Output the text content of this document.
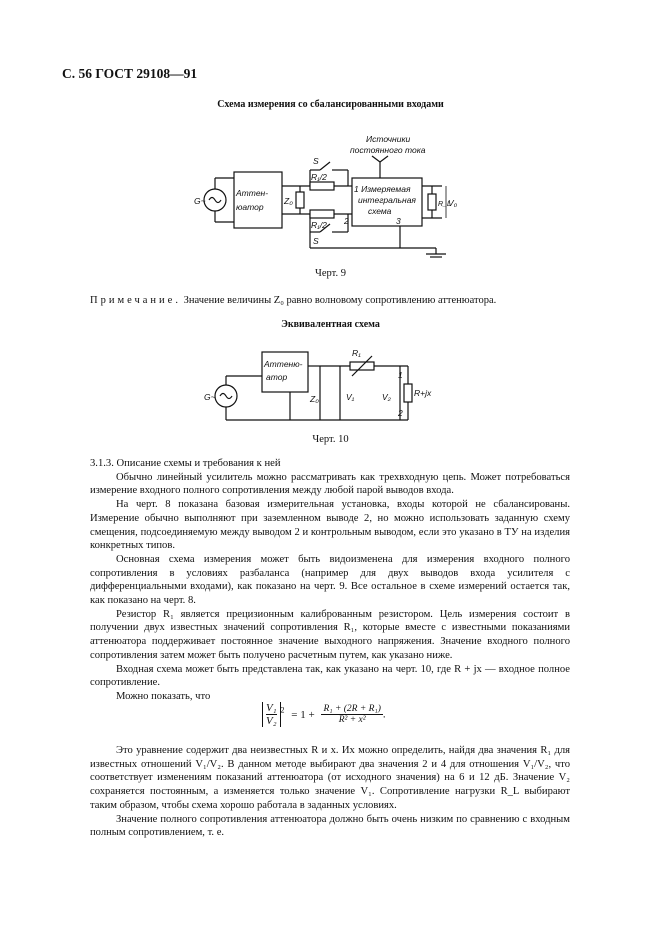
С. 56 ГОСТ 29108—91
Схема измерения со сбалансированными входами
Аттен-
юатор
1 Измеряемая
интегральная
схема
Источники
постоянного тока
S
S
R₁/2
R₁/2
Z₀	R_L
V₀
2	3
G~
Черт. 9
Примечание. Значение величины Z₀ равно волновому сопротивлению аттенюатора.
Эквивалентная схема
Аттеню-
атор
R₁
Z₀	V₁	V₂	R+jx
1
2
G~
Черт. 10

3.1.3. Описание схемы и требования к ней

Обычно линейный усилитель можно рассматривать как трехвходную цепь. Может потребоваться измерение входного полного сопротивления между любой парой выводов входа.

На черт. 8 показана базовая измерительная установка, входы которой не сбалансированы. Измерение обычно выполняют при заземленном выводе 2, но можно использовать заданную схему смещения, подсоединяемую между выводом 2 и контрольным выводом, если это указано в ТУ на изделия конкретных типов.

Основная схема измерения может быть видоизменена для измерения входного полного сопротивления в условиях разбаланса (например для двух выводов входа усилителя с дифференциальными входами), как показано на черт. 9. Все остальное в схеме измерений остается так, как показано на черт. 8.

Резистор R₁ является прецизионным калиброванным резистором. Цель измерения состоит в получении двух известных значений сопротивления R₁, которые вместе с известными показаниями аттенюатора поддерживает постоянное значение выходного напряжения. Значение входного полного сопротивления затем может быть получено расчетным путем, как указано ниже.

Входная схема может быть представлена так, как указано на черт. 10, где R + jx — входное полное сопротивление.

Можно показать, что

$\frac{\text{V₁}}{\text{V₂}} ^2 = 1 + \frac{\text{R₁ + (2R + R₁)}}{\text{R² + x²}}$ .

Это уравнение содержит два неизвестных R и x. Их можно определить, найдя два значения R₁ для известных отношений V₁/V₂. В данном методе выбирают два значения 2 и 4 для отношения V₁/V₂, что соответствует изменениям показаний аттенюатора (от исходного значения) на 6 и 12 дБ. Значение V₂ сохраняется постоянным, а изменяется только значение V₁. Сопротивление нагрузки R_L выбирают таким образом, чтобы схема хорошо работала в заданных условиях.

Значение полного сопротивления аттенюатора должно быть очень низким по сравнению с входным полным сопротивлением, т. е.
